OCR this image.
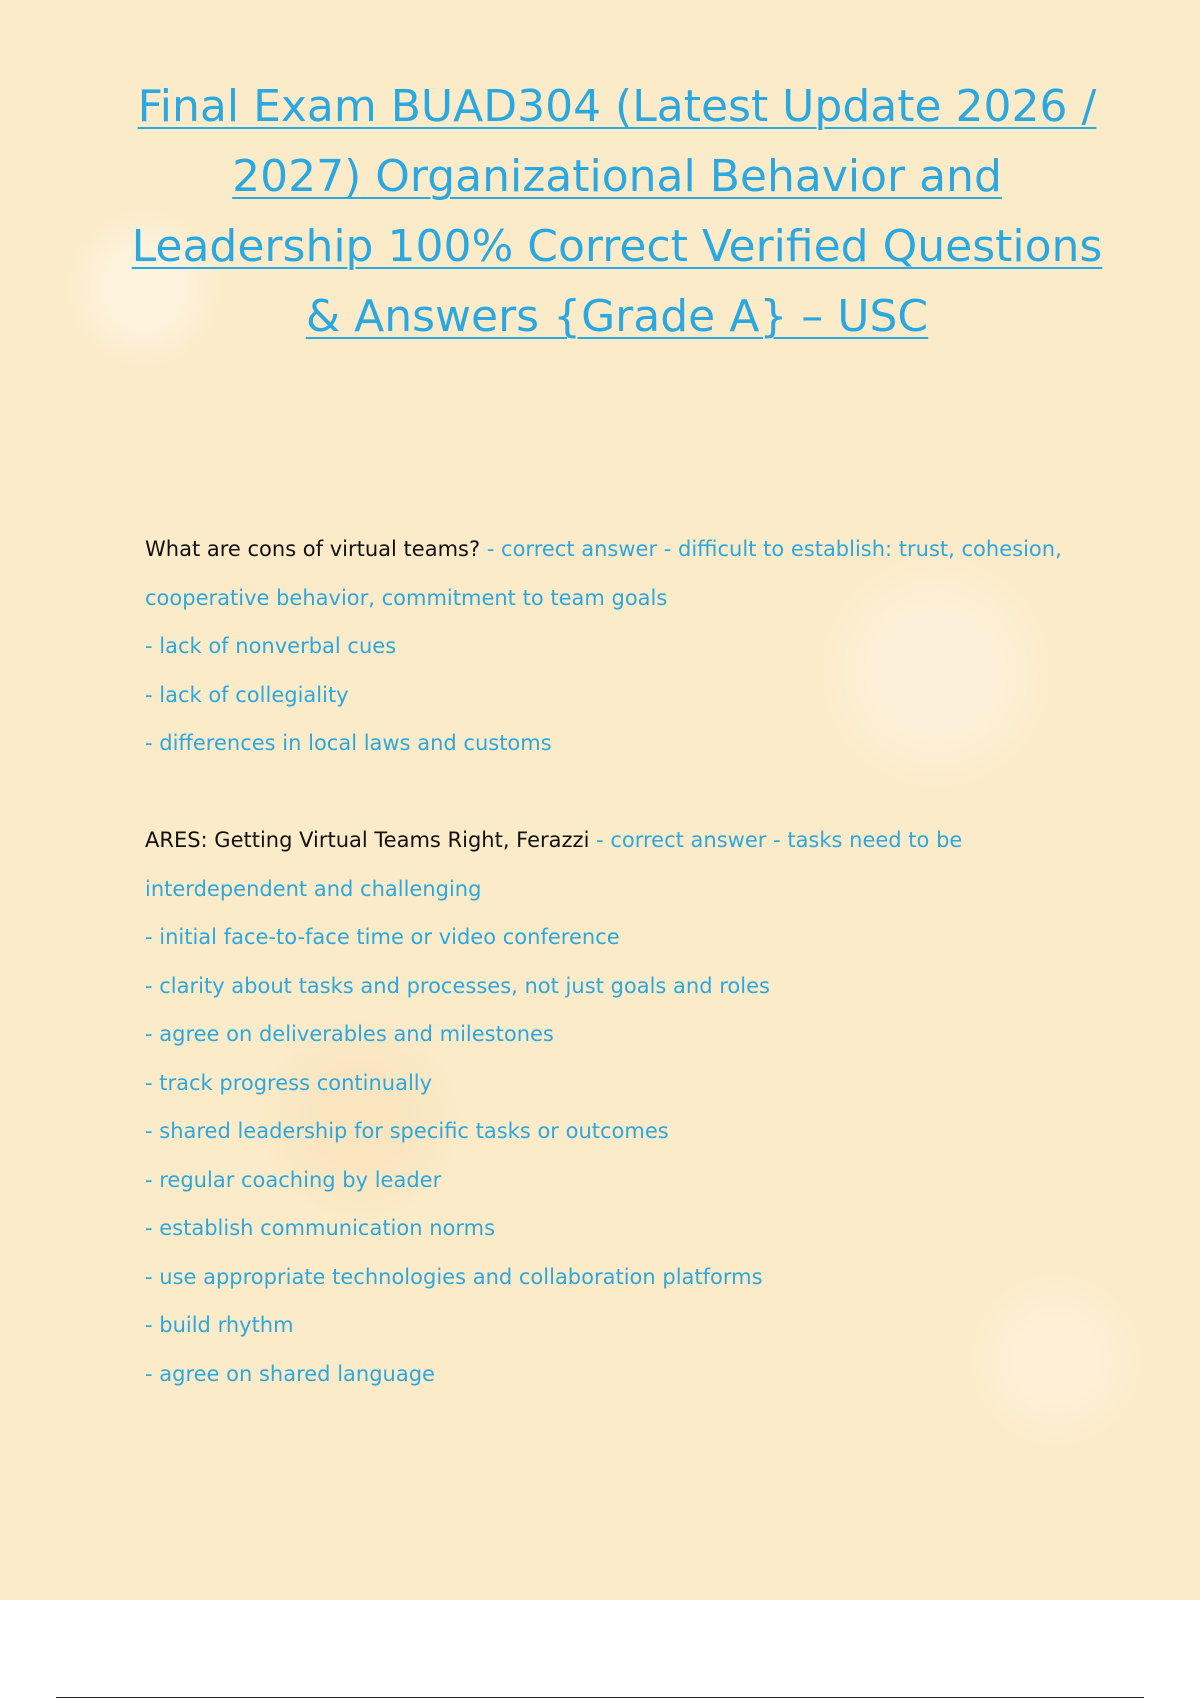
Final Exam BUAD304 (Latest Update 2026 / 2027) Organizational Behavior and Leadership 100% Correct Verified Questions & Answers {Grade A} – USC
What are cons of virtual teams? - correct answer - difficult to establish: trust, cohesion, cooperative behavior, commitment to team goals
- lack of nonverbal cues
- lack of collegiality
- differences in local laws and customs
ARES: Getting Virtual Teams Right, Ferazzi - correct answer - tasks need to be interdependent and challenging
- initial face-to-face time or video conference
- clarity about tasks and processes, not just goals and roles
- agree on deliverables and milestones
- track progress continually
- shared leadership for specific tasks or outcomes
- regular coaching by leader
- establish communication norms
- use appropriate technologies and collaboration platforms
- build rhythm
- agree on shared language
